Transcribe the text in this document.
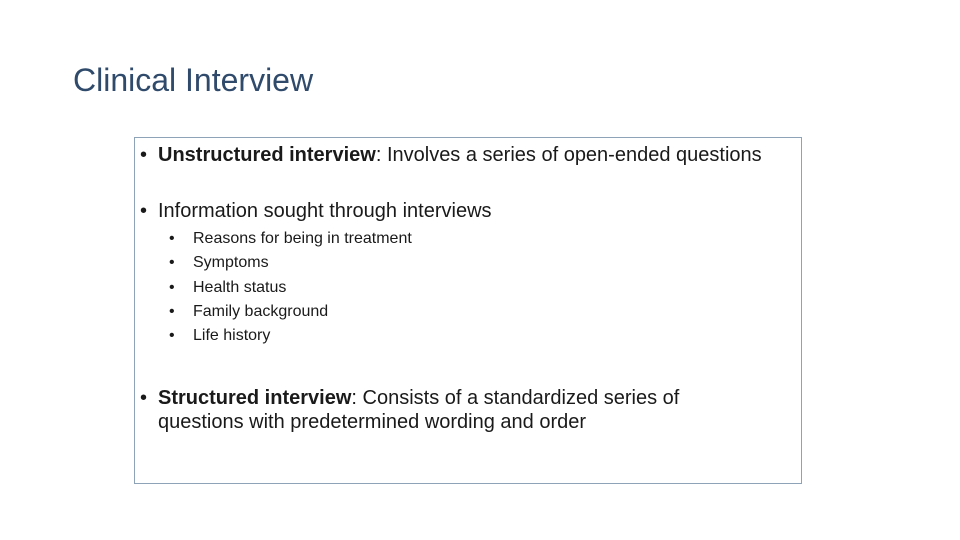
Clinical Interview
• Unstructured interview: Involves a series of open-ended questions
• Information sought through interviews
• Reasons for being in treatment
• Symptoms
• Health status
• Family background
• Life history
• Structured interview: Consists of a standardized series of questions with predetermined wording and order
